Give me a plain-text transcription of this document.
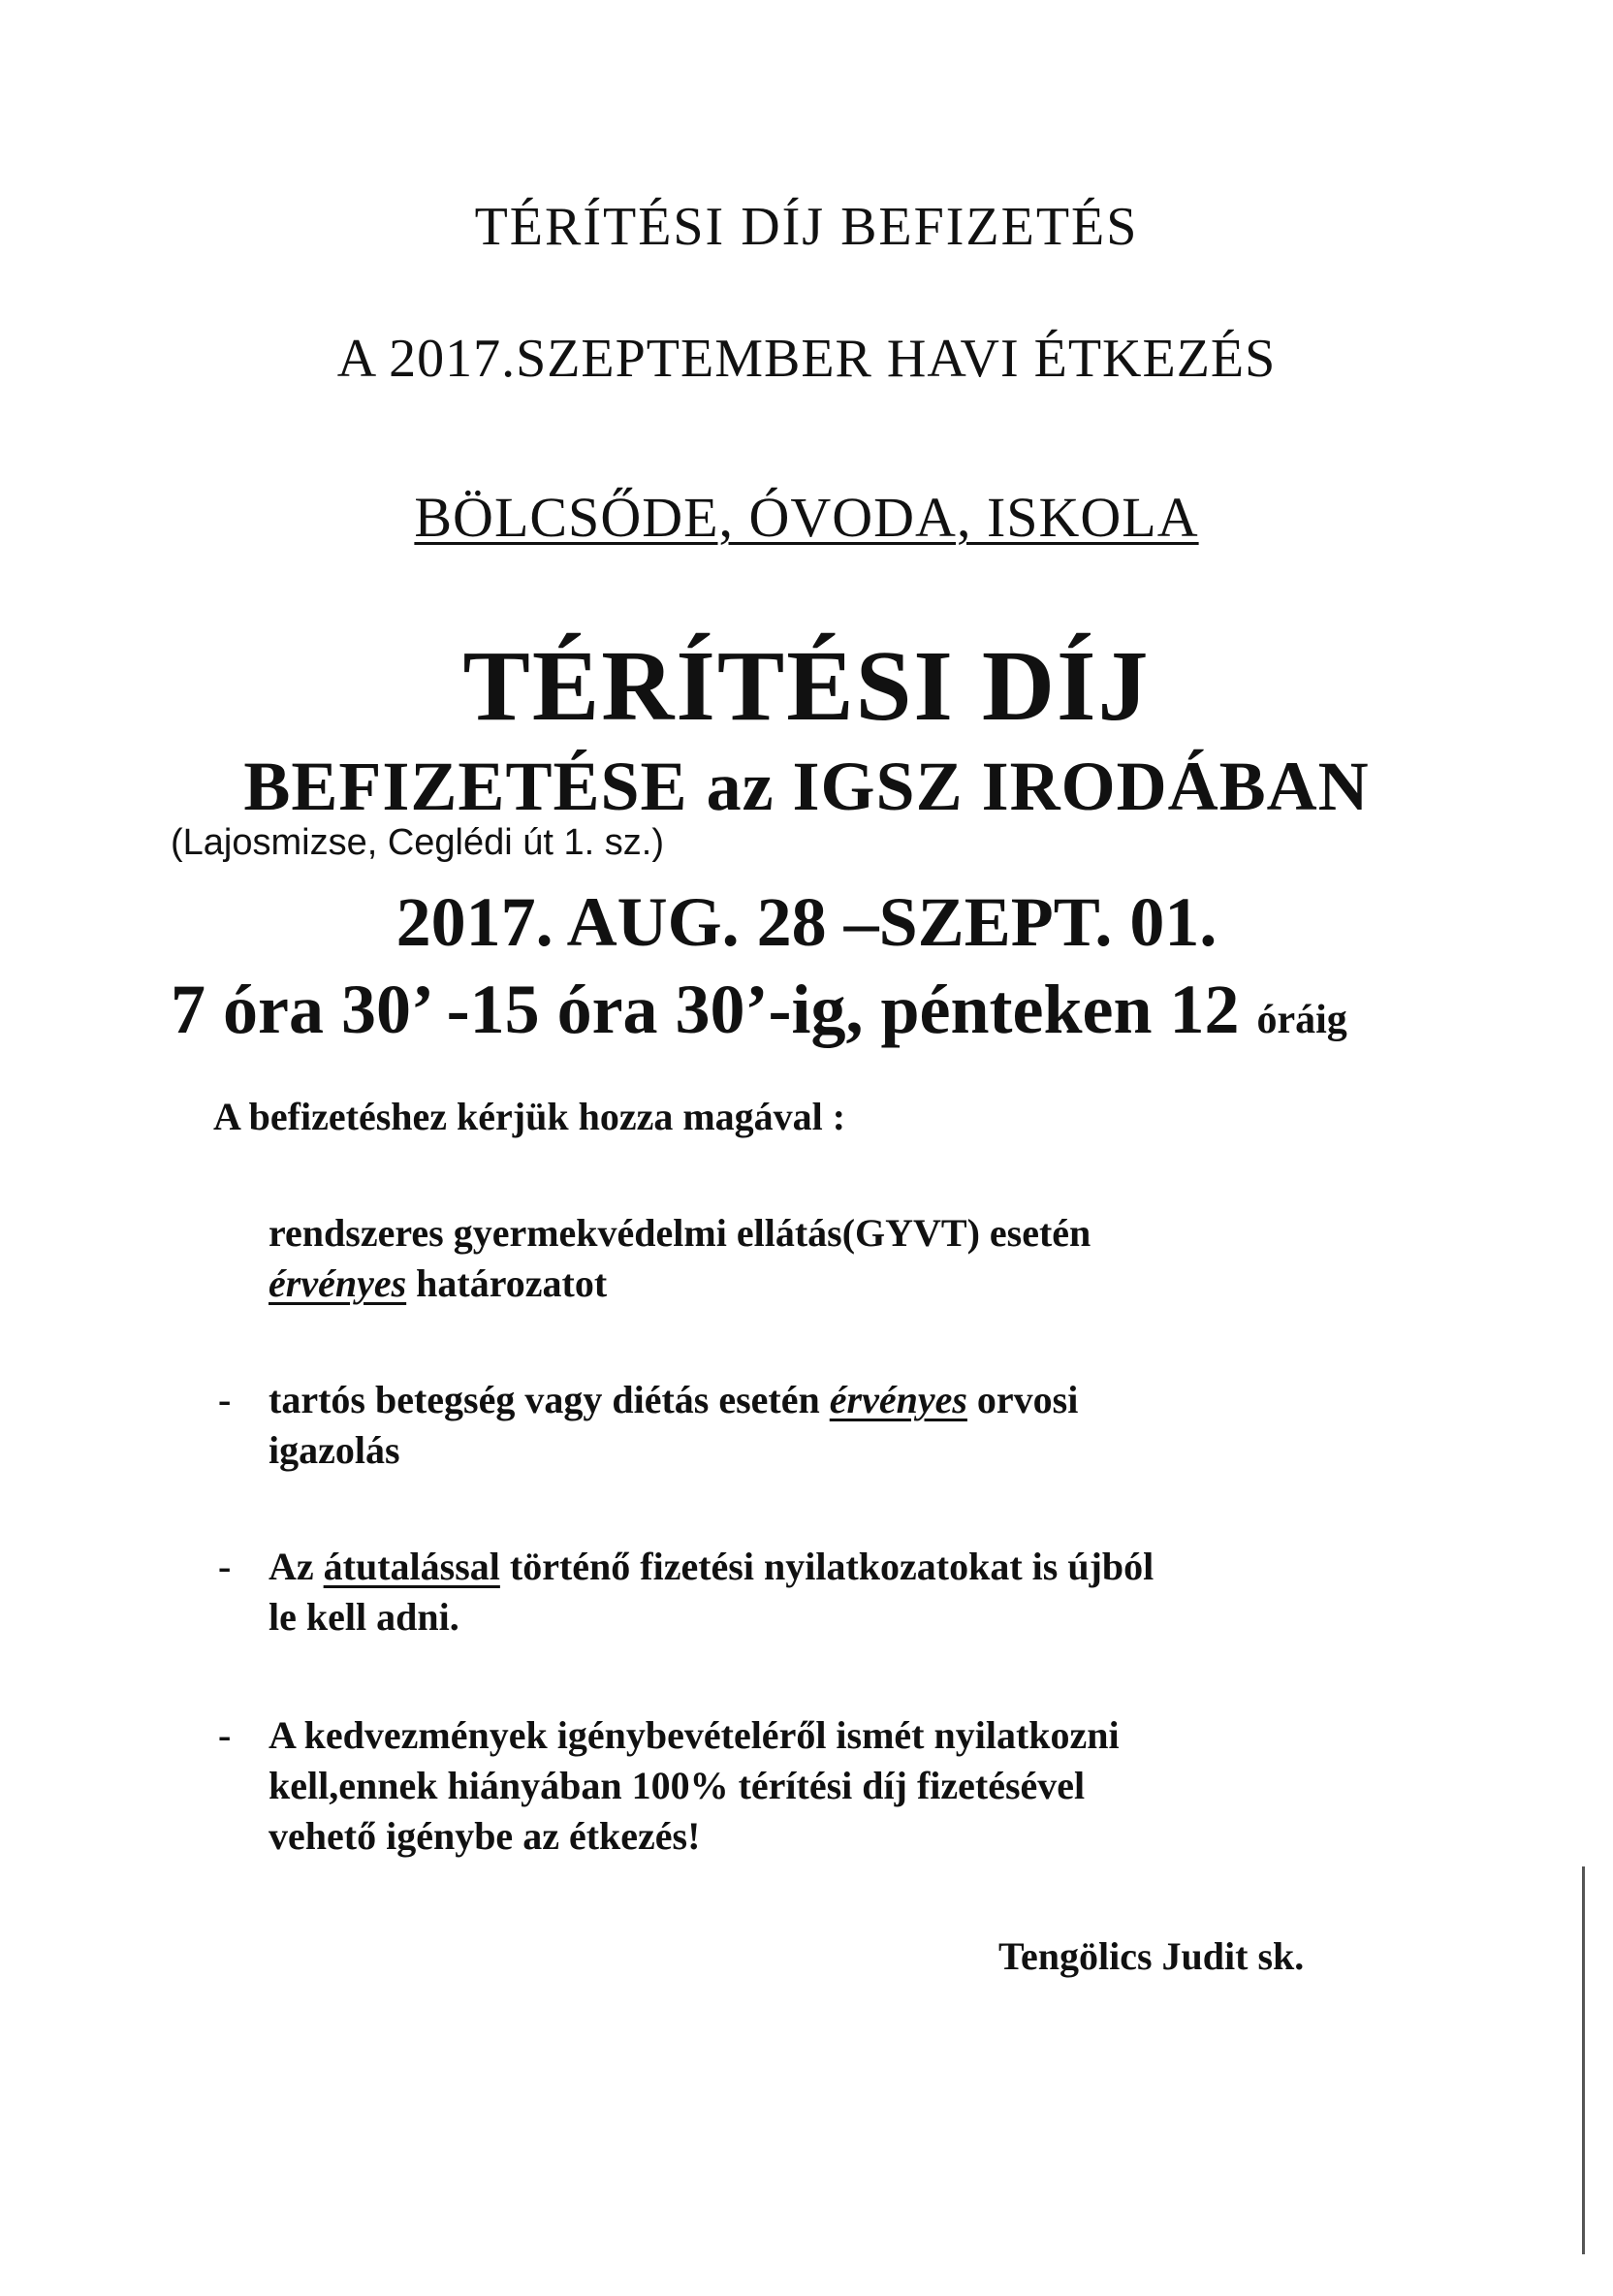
TÉRÍTÉSI DÍJ BEFIZETÉS
A 2017.SZEPTEMBER HAVI ÉTKEZÉS
BÖLCSŐDE, ÓVODA, ISKOLA
TÉRÍTÉSI DÍJ
BEFIZETÉSE az IGSZ IRODÁBAN
(Lajosmizse, Ceglédi út 1. sz.)
2017. AUG. 28 –SZEPT. 01.
7 óra 30’ -15 óra 30’-ig, pénteken 12 óráig
A befizetéshez kérjük hozza magával :
rendszeres gyermekvédelmi ellátás(GYVT) esetén
érvényes határozatot
- tartós betegség vagy diétás esetén érvényes orvosi
igazolás
- Az átutalással történő fizetési nyilatkozatokat is újból
le kell adni.
- A kedvezmények igénybevételéről ismét nyilatkozni
kell,ennek hiányában 100% térítési díj fizetésével
vehető igénybe az étkezés!
Tengölics Judit sk.
